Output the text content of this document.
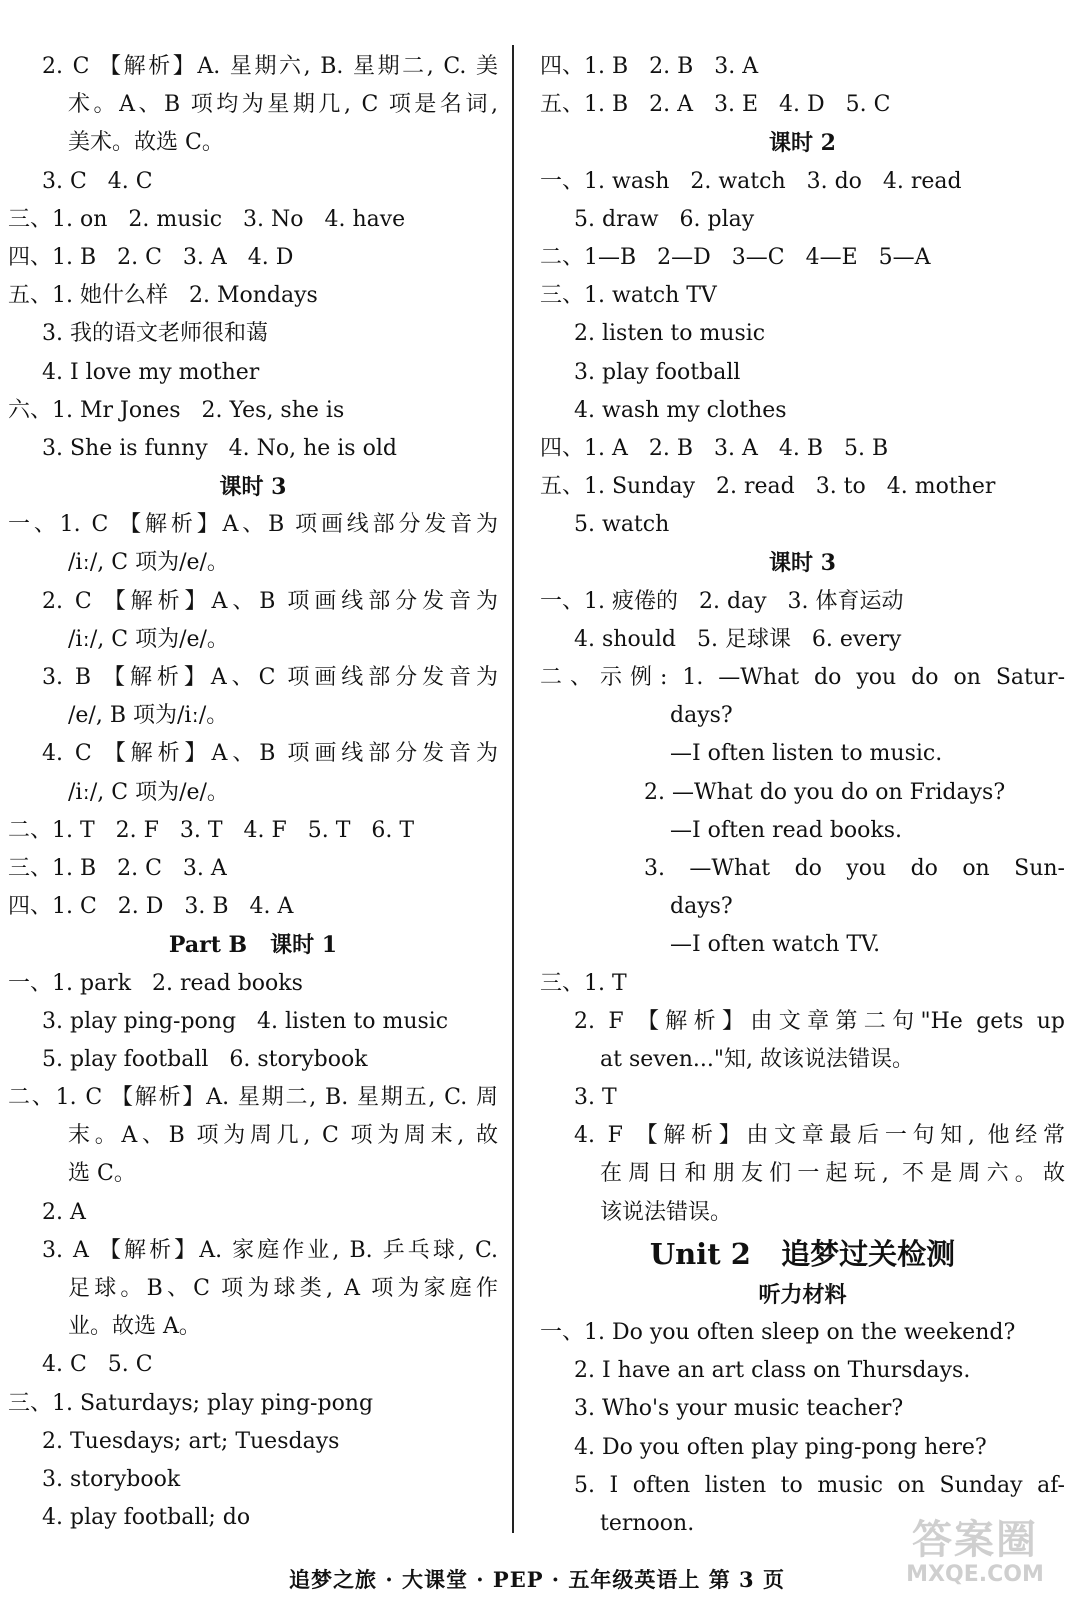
2. C 【解析】A. 星期六, B. 星期二, C. 美
术。A、B 项均为星期几, C 项是名词,
美术。故选 C。
3. C   4. C
三、1. on   2. music   3. No   4. have
四、1. B   2. C   3. A   4. D
五、1. 她什么样   2. Mondays
3. 我的语文老师很和蔼
4. I love my mother
六、1. Mr Jones   2. Yes, she is
3. She is funny   4. No, he is old
课时 3
一、1. C 【解析】A、B 项画线部分发音为
/iː/, C 项为/e/。
2. C 【解析】A、B 项画线部分发音为
/iː/, C 项为/e/。
3. B 【解析】A、C 项画线部分发音为
/e/, B 项为/iː/。
4. C 【解析】A、B 项画线部分发音为
/iː/, C 项为/e/。
二、1. T   2. F   3. T   4. F   5. T   6. T
三、1. B   2. C   3. A
四、1. C   2. D   3. B   4. A
Part B   课时 1
一、1. park   2. read books
3. play ping-pong   4. listen to music
5. play football   6. storybook
二、1. C 【解析】A. 星期二, B. 星期五, C. 周
末。A、B 项为周几, C 项为周末, 故
选 C。
2. A
3. A 【解析】A. 家庭作业, B. 乒乓球, C.
足球。B、C 项为球类, A 项为家庭作
业。故选 A。
4. C   5. C
三、1. Saturdays; play ping-pong
2. Tuesdays; art; Tuesdays
3. storybook
4. play football; do
四、1. B   2. B   3. A
五、1. B   2. A   3. E   4. D   5. C
课时 2
一、1. wash   2. watch   3. do   4. read
5. draw   6. play
二、1—B   2—D   3—C   4—E   5—A
三、1. watch TV
2. listen to music
3. play football
4. wash my clothes
四、1. A   2. B   3. A   4. B   5. B
五、1. Sunday   2. read   3. to   4. mother
5. watch
课时 3
一、1. 疲倦的   2. day   3. 体育运动
4. should   5. 足球课   6. every
二、示例: 1. —What do you do on Satur-
days?
—I often listen to music.
2. —What do you do on Fridays?
—I often read books.
3. —What do you do on Sun-
days?
—I often watch TV.
三、1. T
2. F 【解析】由文章第二句"He gets up
at seven..."知, 故该说法错误。
3. T
4. F 【解析】由文章最后一句知, 他经常
在周日和朋友们一起玩, 不是周六。故
该说法错误。
Unit 2   追梦过关检测
听力材料
一、1. Do you often sleep on the weekend?
2. I have an art class on Thursdays.
3. Who's your music teacher?
4. Do you often play ping-pong here?
5. I often listen to music on Sunday af-
ternoon.
追梦之旅 · 大课堂 · PEP · 五年级英语上 第 3 页
答案圈
MXQE.COM
